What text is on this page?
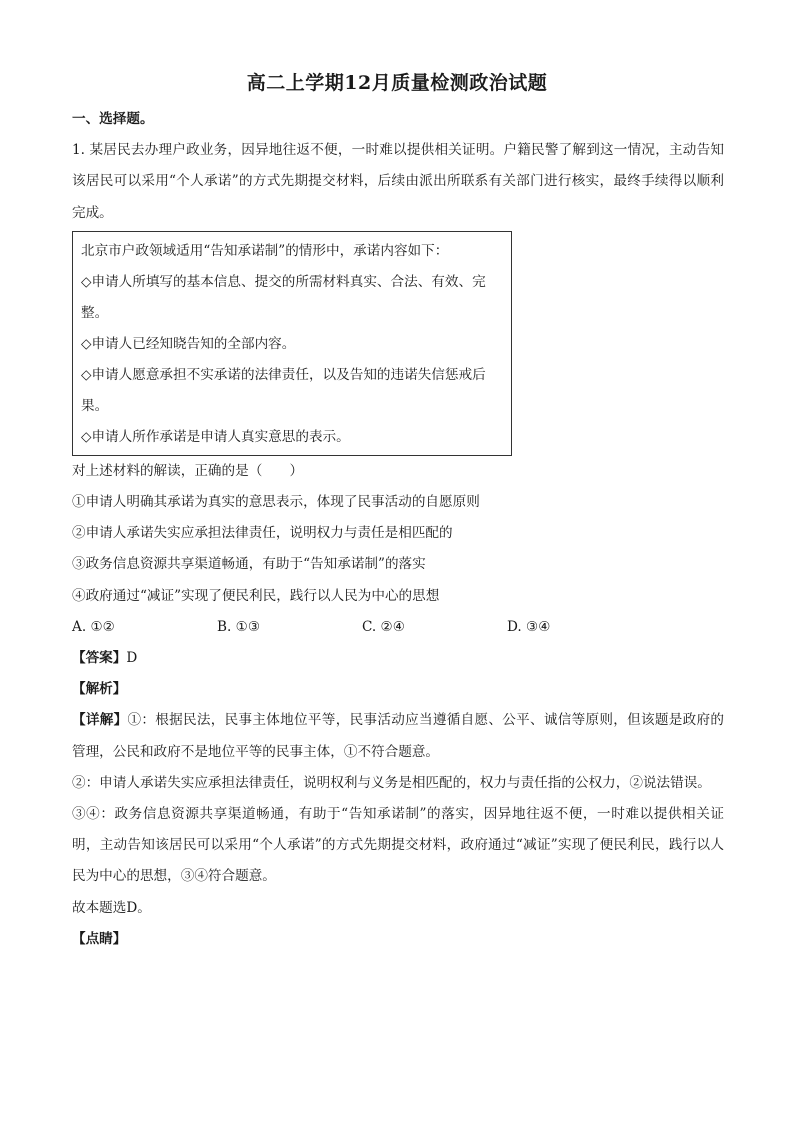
高二上学期12月质量检测政治试题

一、选择题。

1. 某居民去办理户政业务，因异地往返不便，一时难以提供相关证明。户籍民警了解到这一情况，主动告知该居民可以采用“个人承诺”的方式先期提交材料，后续由派出所联系有关部门进行核实，最终手续得以顺利完成。

北京市户政领域适用“告知承诺制”的情形中，承诺内容如下：

◇申请人所填写的基本信息、提交的所需材料真实、合法、有效、完整。

◇申请人已经知晓告知的全部内容。

◇申请人愿意承担不实承诺的法律责任，以及告知的违诺失信惩戒后果。

◇申请人所作承诺是申请人真实意思的表示。

对上述材料的解读，正确的是（　　）

①申请人明确其承诺为真实的意思表示，体现了民事活动的自愿原则

②申请人承诺失实应承担法律责任，说明权力与责任是相匹配的

③政务信息资源共享渠道畅通，有助于“告知承诺制”的落实

④政府通过“减证”实现了便民利民，践行以人民为中心的思想

A. ①②	B. ①③	C. ②④	D. ③④

【答案】D

【解析】

【详解】①：根据民法，民事主体地位平等，民事活动应当遵循自愿、公平、诚信等原则，但该题是政府的管理，公民和政府不是地位平等的民事主体，①不符合题意。

②：申请人承诺失实应承担法律责任，说明权利与义务是相匹配的，权力与责任指的公权力，②说法错误。

③④：政务信息资源共享渠道畅通，有助于“告知承诺制”的落实，因异地往返不便，一时难以提供相关证明，主动告知该居民可以采用“个人承诺”的方式先期提交材料，政府通过“减证”实现了便民利民，践行以人民为中心的思想，③④符合题意。

故本题选D。

【点睛】
